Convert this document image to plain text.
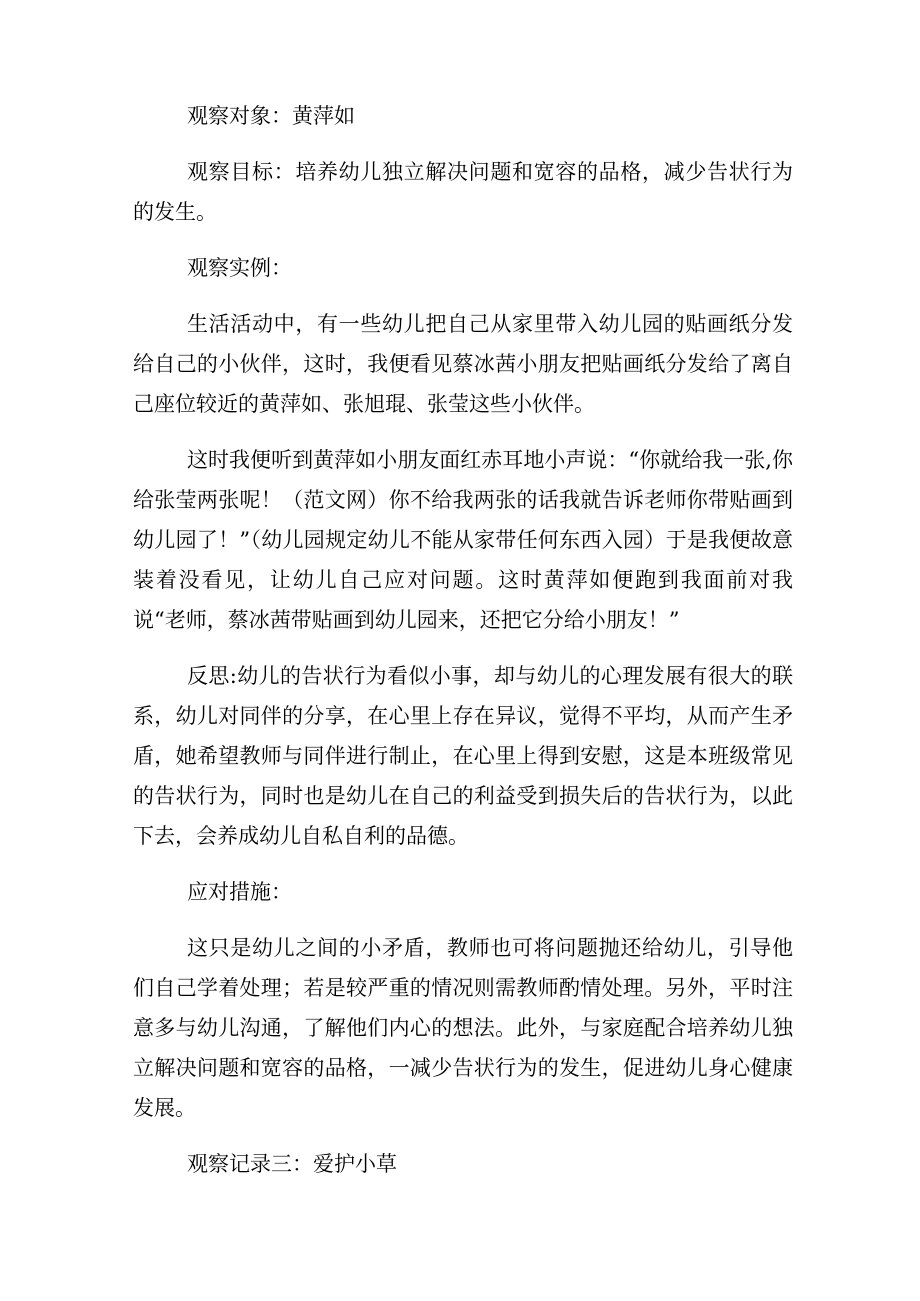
观察对象：黄萍如

观察目标：培养幼儿独立解决问题和宽容的品格，减少告状行为的发生。

观察实例：

生活活动中，有一些幼儿把自己从家里带入幼儿园的贴画纸分发给自己的小伙伴，这时，我便看见蔡冰茜小朋友把贴画纸分发给了离自己座位较近的黄萍如、张旭琨、张莹这些小伙伴。

这时我便听到黄萍如小朋友面红赤耳地小声说：“你就给我一张,你给张莹两张呢！（范文网）你不给我两张的话我就告诉老师你带贴画到幼儿园了！”（幼儿园规定幼儿不能从家带任何东西入园）于是我便故意装着没看见，让幼儿自己应对问题。这时黄萍如便跑到我面前对我说“老师，蔡冰茜带贴画到幼儿园来，还把它分给小朋友！”

反思:幼儿的告状行为看似小事，却与幼儿的心理发展有很大的联系，幼儿对同伴的分享，在心里上存在异议，觉得不平均，从而产生矛盾，她希望教师与同伴进行制止，在心里上得到安慰，这是本班级常见的告状行为，同时也是幼儿在自己的利益受到损失后的告状行为，以此下去，会养成幼儿自私自利的品德。

应对措施：

这只是幼儿之间的小矛盾，教师也可将问题抛还给幼儿，引导他们自己学着处理；若是较严重的情况则需教师酌情处理。另外，平时注意多与幼儿沟通，了解他们内心的想法。此外，与家庭配合培养幼儿独立解决问题和宽容的品格，一减少告状行为的发生，促进幼儿身心健康发展。

观察记录三：爱护小草
